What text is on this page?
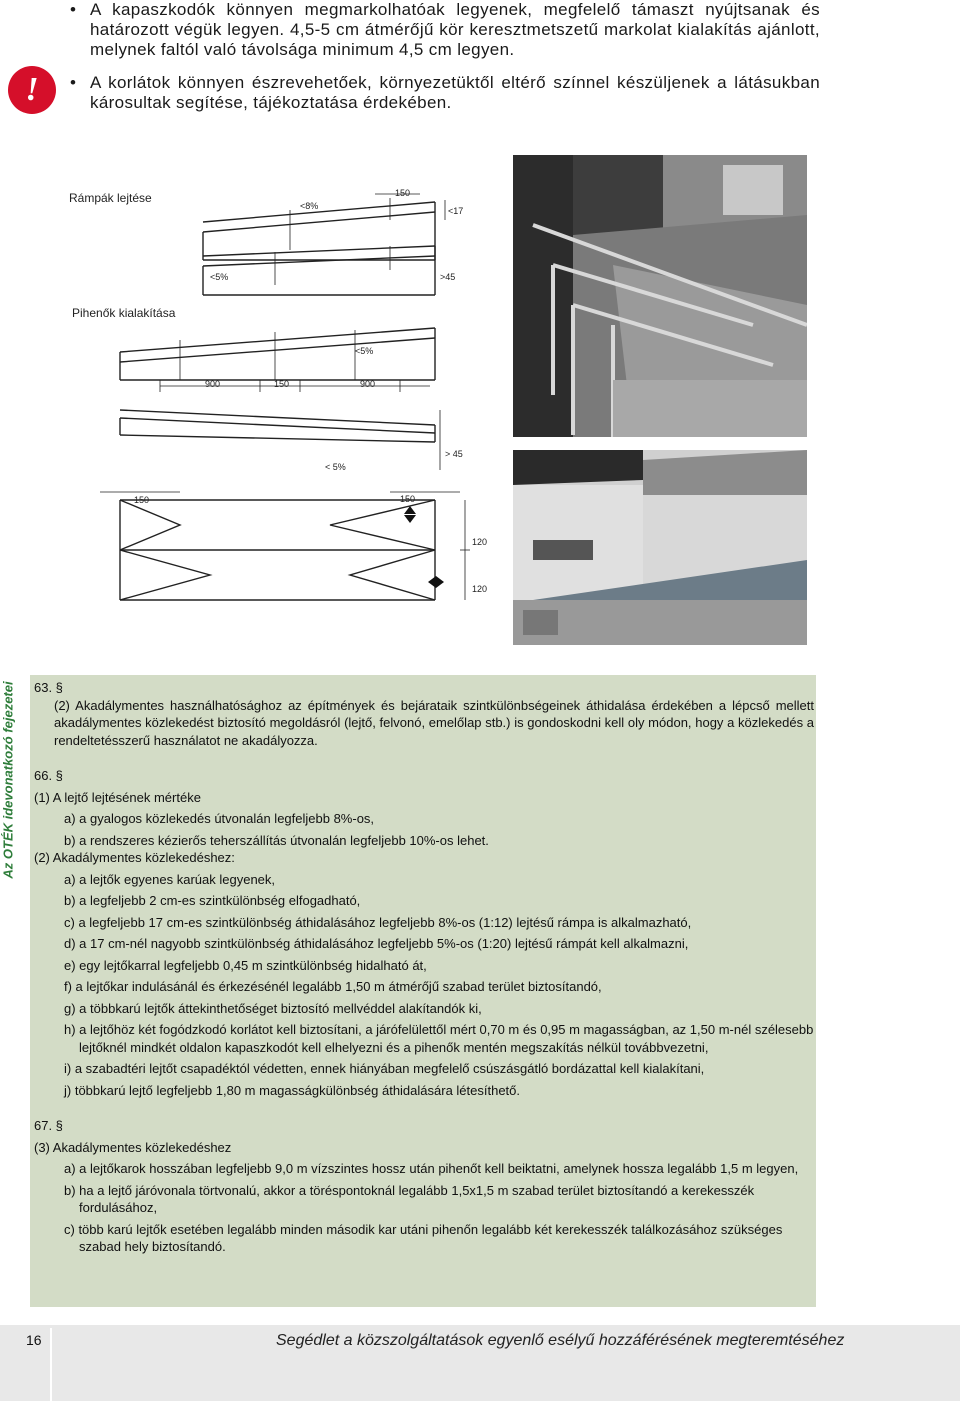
• A kapaszkodók könnyen megmarkolhatóak legyenek, megfelelő támaszt nyújtsanak és határozott végük legyen. 4,5-5 cm átmérőjű kör keresztmetszetű markolat kialakítás ajánlott, melynek faltól való távolsága minimum 4,5 cm legyen.
• A korlátok könnyen észrevehetőek, környezetüktől eltérő színnel készüljenek a látásukban károsultak segítése, tájékoztatása érdekében.
!
Rámpák lejtése
Pihenők kialakítása
150
<8%	<17
<5%	>45
<5%
900	150	900
> 45
< 5%
150	150
120
120
Az OTÉK idevonatkozó fejezetei 63. §

(2) Akadálymentes használhatósághoz az építmények és bejárataik szintkülönbségeinek áthidalása érdekében a lépcső mellett akadálymentes közlekedést biztosító megoldásról (lejtő, felvonó, emelőlap stb.) is gondoskodni kell oly módon, hogy a közlekedés a rendeltetésszerű használatot ne akadályozza.

66. §

(1) A lejtő lejtésének mértéke

a) a gyalogos közlekedés útvonalán legfeljebb 8%-os,

b) a rendszeres kézierős teherszállítás útvonalán legfeljebb 10%-os lehet.

(2) Akadálymentes közlekedéshez:

a) a lejtők egyenes karúak legyenek,

b) a legfeljebb 2 cm-es szintkülönbség elfogadható,

c) a legfeljebb 17 cm-es szintkülönbség áthidalásához legfeljebb 8%-os (1:12) lejtésű rámpa is alkalmazható,

d) a 17 cm-nél nagyobb szintkülönbség áthidalásához legfeljebb 5%-os (1:20) lejtésű rámpát kell alkalmazni,

e) egy lejtőkarral legfeljebb 0,45 m szintkülönbség hidalható át,

f) a lejtőkar indulásánál és érkezésénél legalább 1,50 m átmérőjű szabad terület biztosítandó,

g) a többkarú lejtők áttekinthetőséget biztosító mellvéddel alakítandók ki,

h) a lejtőhöz két fogódzkodó korlátot kell biztosítani, a járófelülettől mért 0,70 m és 0,95 m magasságban, az 1,50 m-nél szélesebb lejtőknél mindkét oldalon kapaszkodót kell elhelyezni és a pihenők mentén megszakítás nélkül továbbvezetni,

i) a szabadtéri lejtőt csapadéktól védetten, ennek hiányában megfelelő csúszásgátló bordázattal kell kialakítani,

j) többkarú lejtő legfeljebb 1,80 m magasságkülönbség áthidalására létesíthető.

67. §

(3) Akadálymentes közlekedéshez

a) a lejtőkarok hosszában legfeljebb 9,0 m vízszintes hossz után pihenőt kell beiktatni, amelynek hossza legalább 1,5 m legyen,

b) ha a lejtő járóvonala törtvonalú, akkor a töréspontoknál legalább 1,5x1,5 m szabad terület biztosítandó a kerekesszék fordulásához,

c) több karú lejtők esetében legalább minden második kar utáni pihenőn legalább két kerekesszék találkozásához szükséges szabad hely biztosítandó.

16	Segédlet a közszolgáltatások egyenlő esélyű hozzáférésének megteremtéséhez
